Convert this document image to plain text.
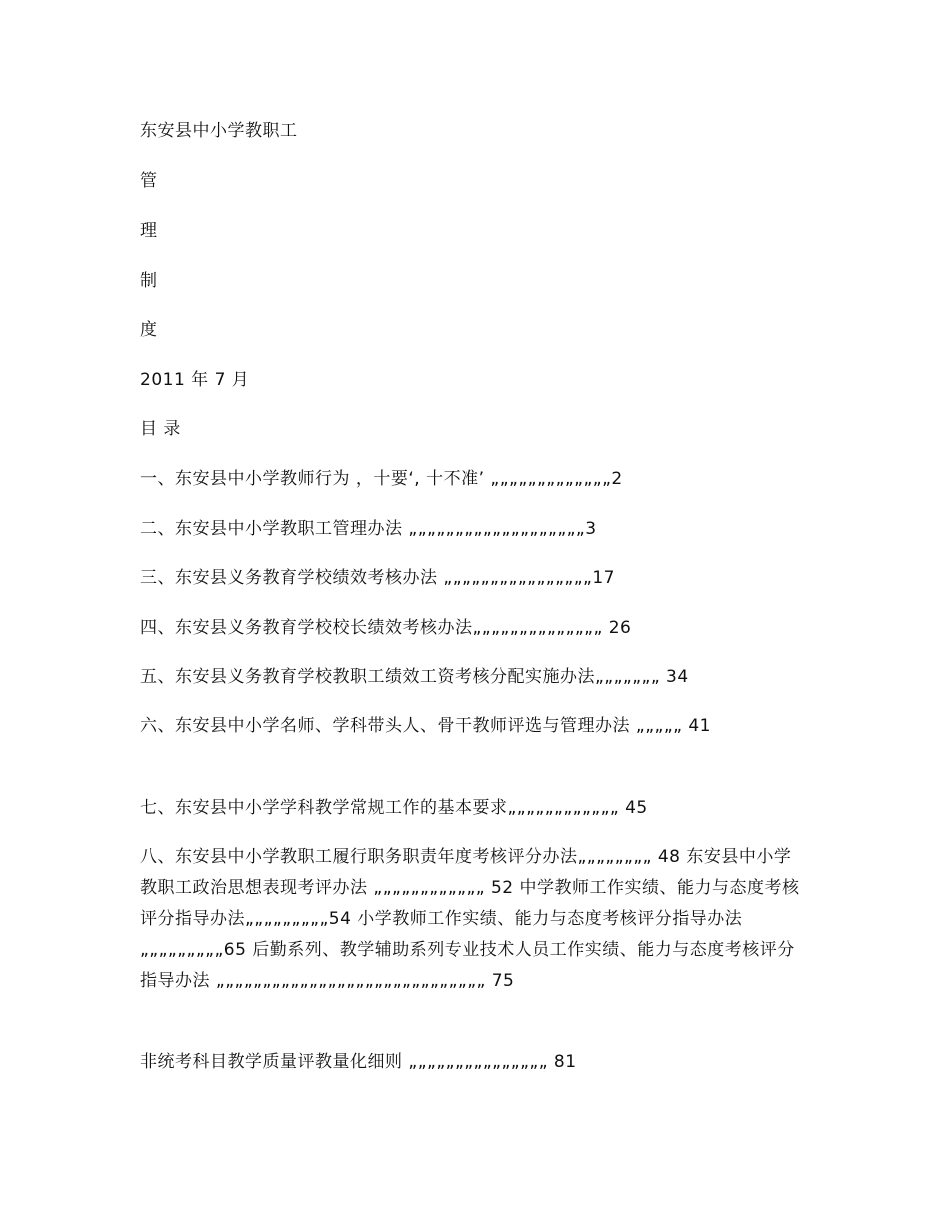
东安县中小学教职工
管
理
制
度
2011 年 7 月
目 录
一、东安县中小学教师行为 ，十要‘, 十不准’ „„„„„„„„„„„„„2
二、东安县中小学教职工管理办法 „„„„„„„„„„„„„„„„„„„3
三、东安县义务教育学校绩效考核办法 „„„„„„„„„„„„„„„„17
四、东安县义务教育学校校长绩效考核办法„„„„„„„„„„„„„„ 26
五、东安县义务教育学校教职工绩效工资考核分配实施办法„„„„„„„ 34
六、东安县中小学名师、学科带头人、骨干教师评选与管理办法 „„„„„ 41
七、东安县中小学学科教学常规工作的基本要求„„„„„„„„„„„„ 45
八、东安县中小学教职工履行职务职责年度考核评分办法„„„„„„„„ 48 东安县中小学教职工政治思想表现考评办法 „„„„„„„„„„„„ 52 中学教师工作实绩、能力与态度考核评分指导办法„„„„„„„„„54 小学教师工作实绩、能力与态度考核评分指导办法„„„„„„„„„65 后勤系列、教学辅助系列专业技术人员工作实绩、能力与态度考核评分 指导办法 „„„„„„„„„„„„„„„„„„„„„„„„„„„„„ 75
非统考科目教学质量评教量化细则 „„„„„„„„„„„„„„„ 81
